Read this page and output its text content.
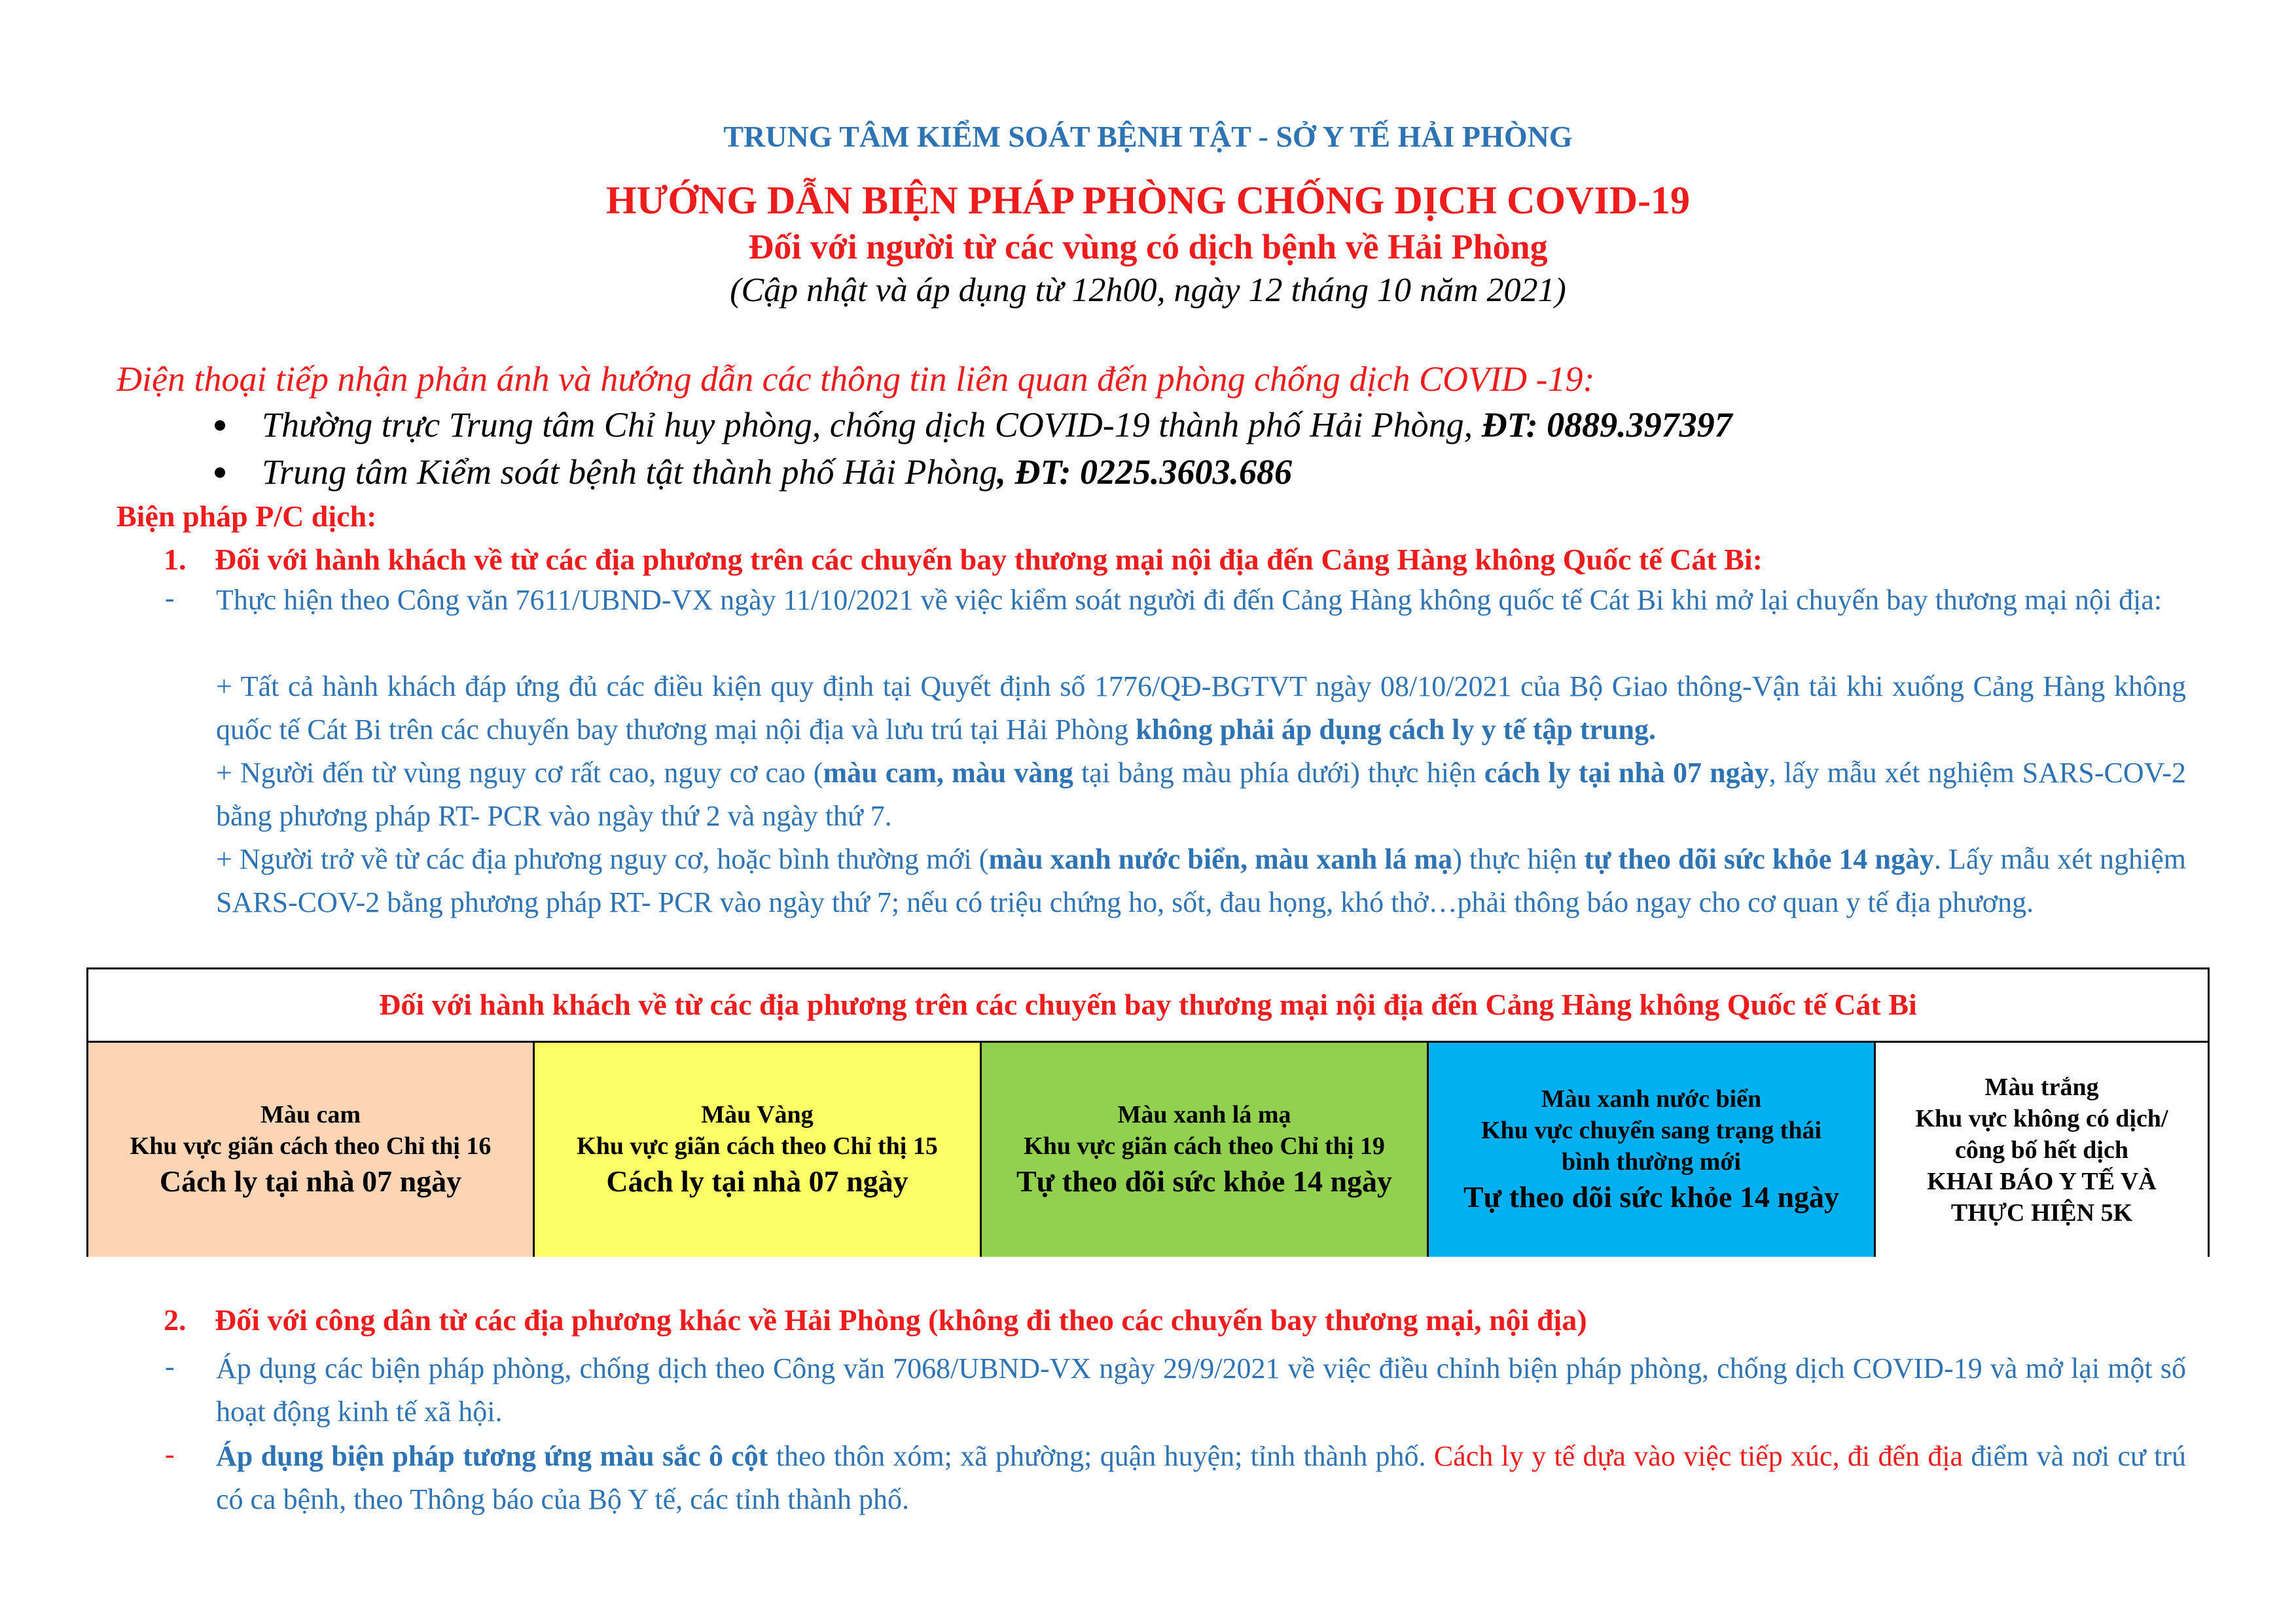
TRUNG TÂM KIỂM SOÁT BỆNH TẬT - SỞ Y TẾ HẢI PHÒNG
HƯỚNG DẪN BIỆN PHÁP PHÒNG CHỐNG DỊCH COVID-19
Đối với người từ các vùng có dịch bệnh về Hải Phòng
(Cập nhật và áp dụng từ 12h00, ngày 12 tháng 10 năm 2021)
Điện thoại tiếp nhận phản ánh và hướng dẫn các thông tin liên quan đến phòng chống dịch COVID -19:
Thường trực Trung tâm Chỉ huy phòng, chống dịch COVID-19 thành phố Hải Phòng, ĐT: 0889.397397
Trung tâm Kiểm soát bệnh tật thành phố Hải Phòng, ĐT: 0225.3603.686
Biện pháp P/C dịch:
1. Đối với hành khách về từ các địa phương trên các chuyến bay thương mại nội địa đến Cảng Hàng không Quốc tế Cát Bi:
- Thực hiện theo Công văn 7611/UBND-VX ngày 11/10/2021 về việc kiểm soát người đi đến Cảng Hàng không quốc tế Cát Bi khi mở lại chuyến bay thương mại nội địa:
+ Tất cả hành khách đáp ứng đủ các điều kiện quy định tại Quyết định số 1776/QĐ-BGTVT ngày 08/10/2021 của Bộ Giao thông-Vận tải khi xuống Cảng Hàng không quốc tế Cát Bi trên các chuyến bay thương mại nội địa và lưu trú tại Hải Phòng không phải áp dụng cách ly y tế tập trung.
+ Người đến từ vùng nguy cơ rất cao, nguy cơ cao (màu cam, màu vàng tại bảng màu phía dưới) thực hiện cách ly tại nhà 07 ngày, lấy mẫu xét nghiệm SARS-COV-2 bằng phương pháp RT- PCR vào ngày thứ 2 và ngày thứ 7.
+ Người trở về từ các địa phương nguy cơ, hoặc bình thường mới (màu xanh nước biển, màu xanh lá mạ) thực hiện tự theo dõi sức khỏe 14 ngày. Lấy mẫu xét nghiệm SARS-COV-2 bằng phương pháp RT- PCR vào ngày thứ 7; nếu có triệu chứng ho, sốt, đau họng, khó thở…phải thông báo ngay cho cơ quan y tế địa phương.
Đối với hành khách về từ các địa phương trên các chuyến bay thương mại nội địa đến Cảng Hàng không Quốc tế Cát Bi
Màu cam
Khu vực giãn cách theo Chỉ thị 16
Cách ly tại nhà 07 ngày
Màu Vàng
Khu vực giãn cách theo Chỉ thị 15
Cách ly tại nhà 07 ngày
Màu xanh lá mạ
Khu vực giãn cách theo Chỉ thị 19
Tự theo dõi sức khỏe 14 ngày
Màu xanh nước biển
Khu vực chuyển sang trạng thái
bình thường mới
Tự theo dõi sức khỏe 14 ngày
Màu trắng
Khu vực không có dịch/
công bố hết dịch
KHAI BÁO Y TẾ VÀ
THỰC HIỆN 5K
2. Đối với công dân từ các địa phương khác về Hải Phòng (không đi theo các chuyến bay thương mại, nội địa)
- Áp dụng các biện pháp phòng, chống dịch theo Công văn 7068/UBND-VX ngày 29/9/2021 về việc điều chỉnh biện pháp phòng, chống dịch COVID-19 và mở lại một số hoạt động kinh tế xã hội.
- Áp dụng biện pháp tương ứng màu sắc ô cột theo thôn xóm; xã phường; quận huyện; tỉnh thành phố. Cách ly y tế dựa vào việc tiếp xúc, đi đến địa điểm và nơi cư trú có ca bệnh, theo Thông báo của Bộ Y tế, các tỉnh thành phố.
